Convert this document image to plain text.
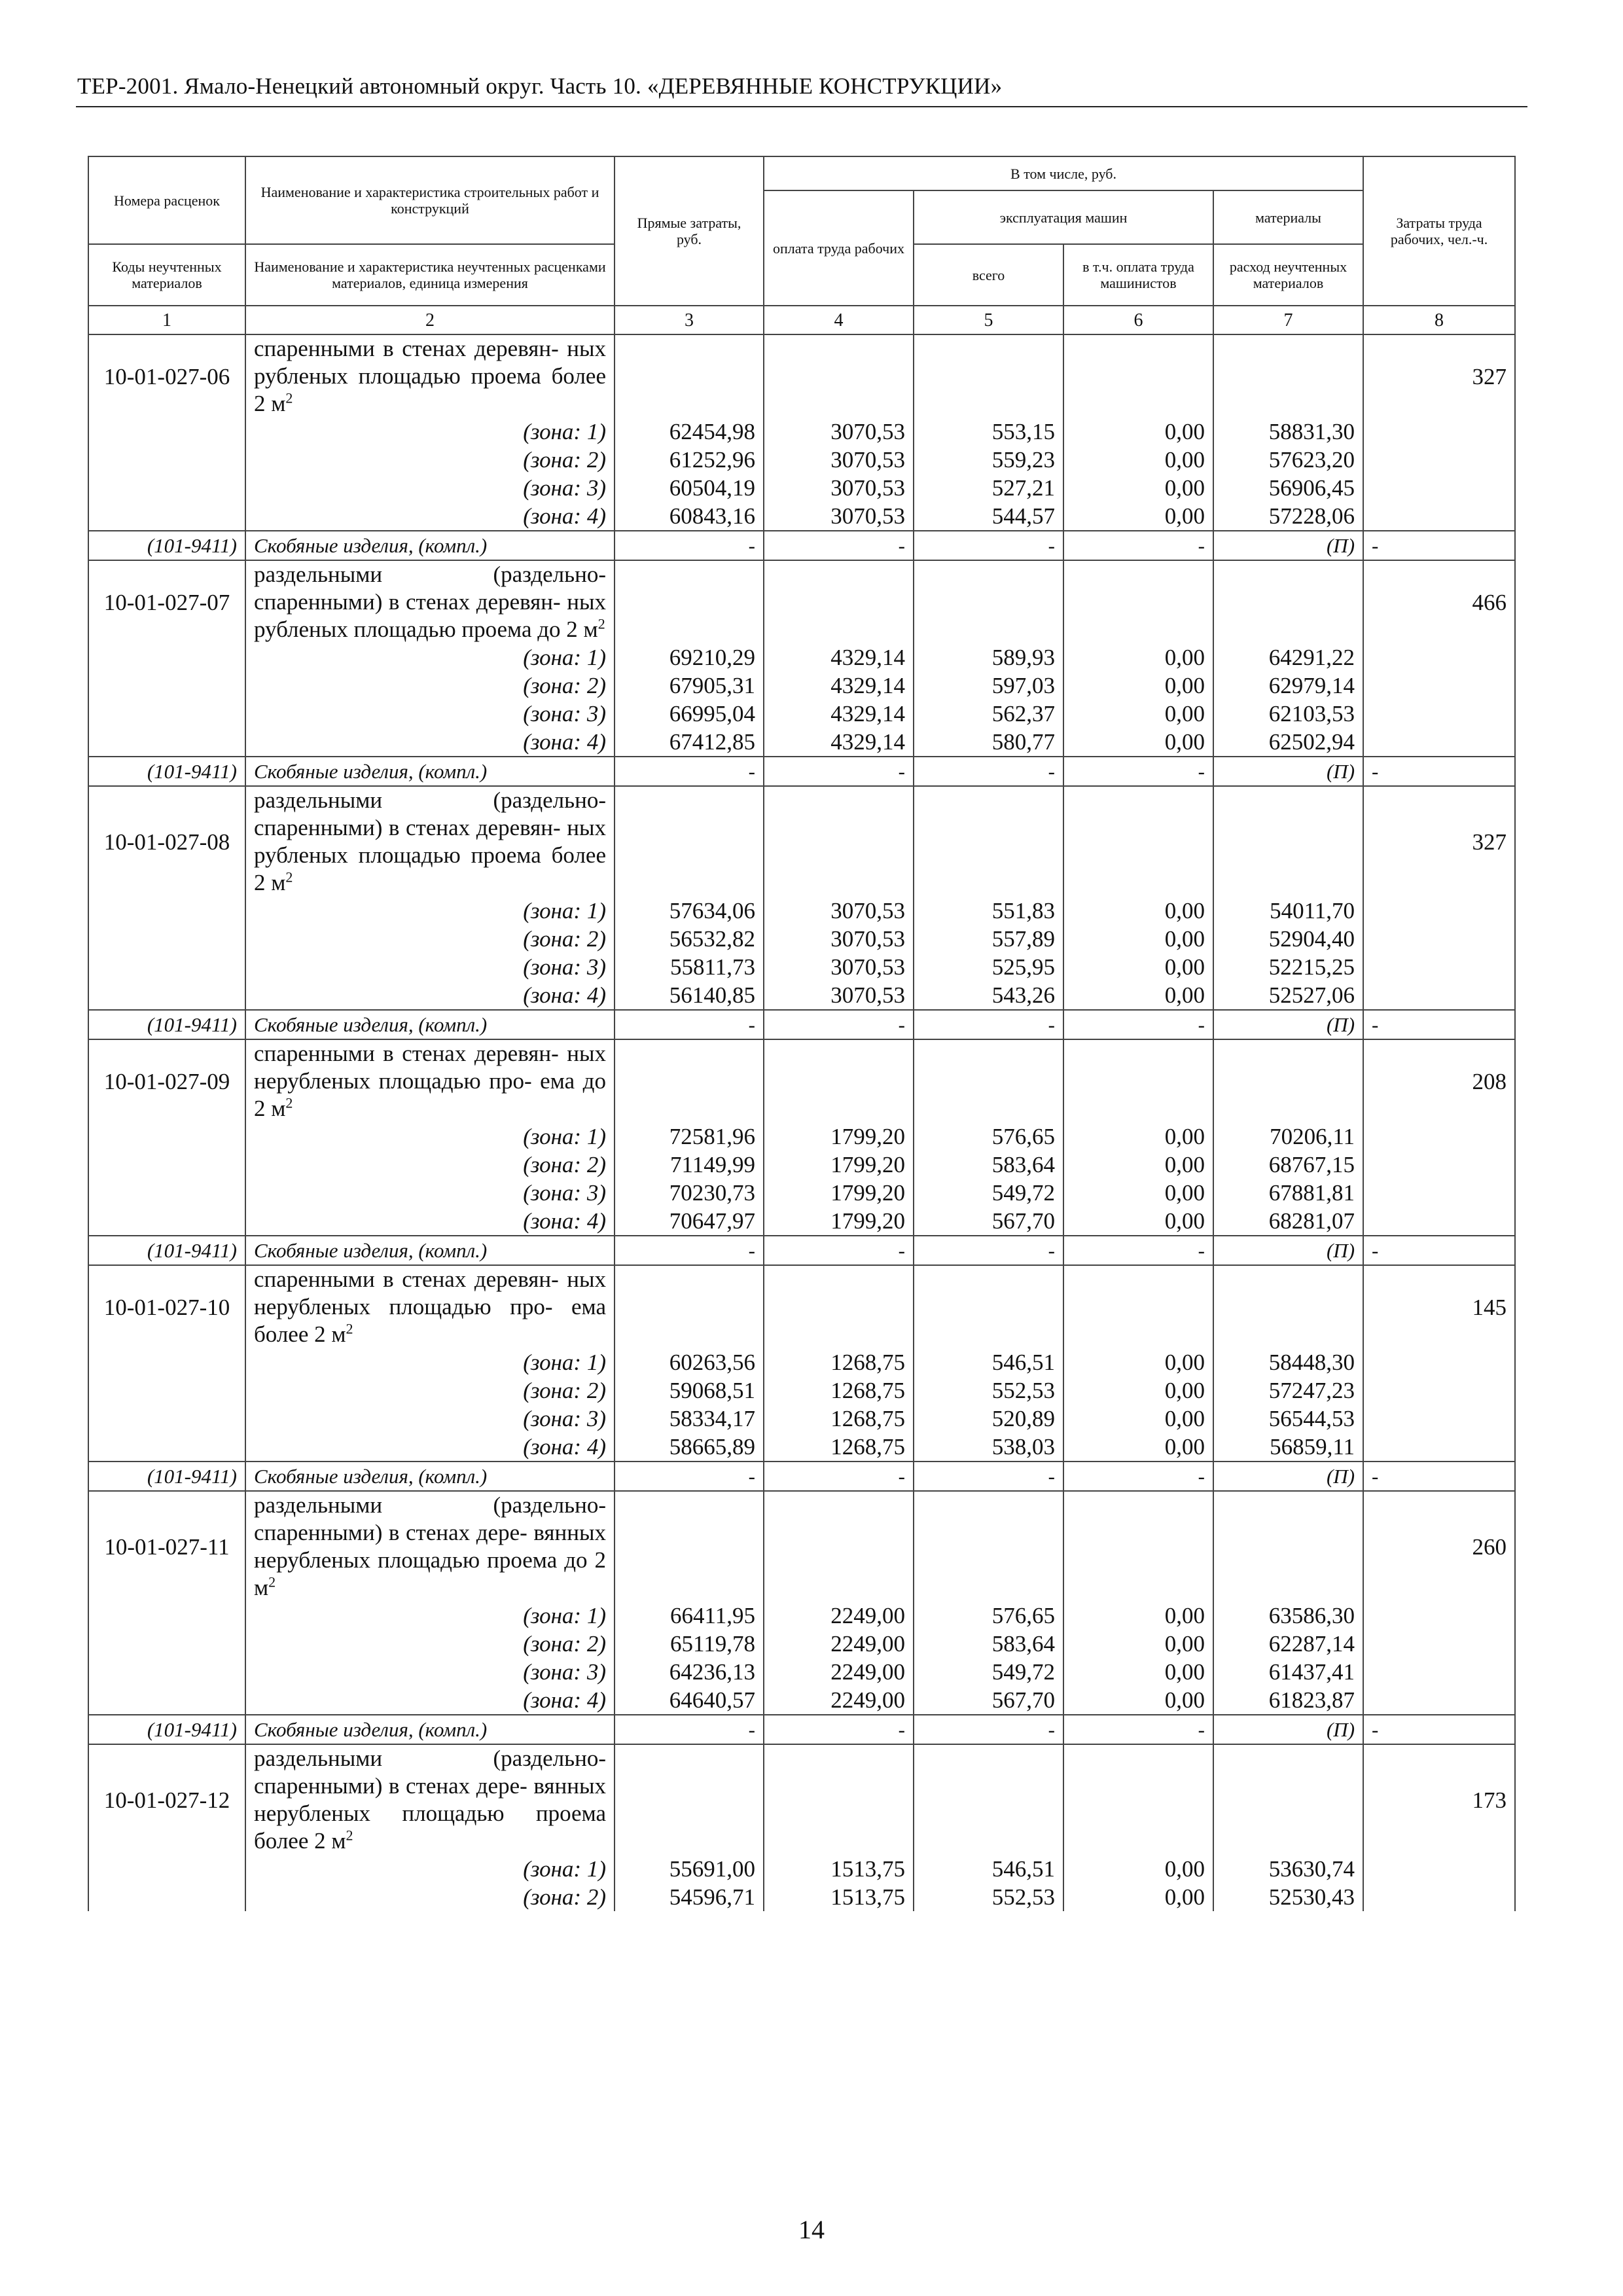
ТЕР-2001. Ямало-Ненецкий автономный округ. Часть 10. «ДЕРЕВЯННЫЕ КОНСТРУКЦИИ»
Номера расценок	Наименование и характеристика строительных работ и конструкций	Прямые затраты, руб.	В том числе, руб.				Затраты труда рабочих, чел.-ч.
			оплата труда рабочих	эксплуатация машин		материалы	
Коды неучтенных материалов	Наименование и характеристика неучтенных расценками материалов, единица измерения			всего	в т.ч. оплата труда машинистов	расход неучтенных материалов	
1	2	3	4	5	6	7	8
10-01-027-06	спаренными в стенах деревян- ных рубленых площадью проема более 2 $м^2$						327
	(зона: 1)	62454,98	3070,53	553,15	0,00	58831,30	
	(зона: 2)	61252,96	3070,53	559,23	0,00	57623,20	
	(зона: 3)	60504,19	3070,53	527,21	0,00	56906,45	
	(зона: 4)	60843,16	3070,53	544,57	0,00	57228,06	
(101-9411)	Скобяные изделия, (компл.)	-	-	-	-	(П)	-
10-01-027-07	раздельными (раздельно- спаренными) в стенах деревян- ных рубленых площадью проема до 2 $м^2$						466
	(зона: 1)	69210,29	4329,14	589,93	0,00	64291,22	
	(зона: 2)	67905,31	4329,14	597,03	0,00	62979,14	
	(зона: 3)	66995,04	4329,14	562,37	0,00	62103,53	
	(зона: 4)	67412,85	4329,14	580,77	0,00	62502,94	
(101-9411)	Скобяные изделия, (компл.)	-	-	-	-	(П)	-
10-01-027-08	раздельными (раздельно- спаренными) в стенах деревян- ных рубленых площадью проема более 2 $м^2$						327
	(зона: 1)	57634,06	3070,53	551,83	0,00	54011,70	
	(зона: 2)	56532,82	3070,53	557,89	0,00	52904,40	
	(зона: 3)	55811,73	3070,53	525,95	0,00	52215,25	
	(зона: 4)	56140,85	3070,53	543,26	0,00	52527,06	
(101-9411)	Скобяные изделия, (компл.)	-	-	-	-	(П)	-
10-01-027-09	спаренными в стенах деревян- ных нерубленых площадью про- ема до 2 $м^2$						208
	(зона: 1)	72581,96	1799,20	576,65	0,00	70206,11	
	(зона: 2)	71149,99	1799,20	583,64	0,00	68767,15	
	(зона: 3)	70230,73	1799,20	549,72	0,00	67881,81	
	(зона: 4)	70647,97	1799,20	567,70	0,00	68281,07	
(101-9411)	Скобяные изделия, (компл.)	-	-	-	-	(П)	-
10-01-027-10	спаренными в стенах деревян- ных нерубленых площадью про- ема более 2 $м^2$						145
	(зона: 1)	60263,56	1268,75	546,51	0,00	58448,30	
	(зона: 2)	59068,51	1268,75	552,53	0,00	57247,23	
	(зона: 3)	58334,17	1268,75	520,89	0,00	56544,53	
	(зона: 4)	58665,89	1268,75	538,03	0,00	56859,11	
(101-9411)	Скобяные изделия, (компл.)	-	-	-	-	(П)	-
10-01-027-11	раздельными (раздельно- спаренными) в стенах дере- вянных нерубленых площадью проема до 2 $м^2$						260
	(зона: 1)	66411,95	2249,00	576,65	0,00	63586,30	
	(зона: 2)	65119,78	2249,00	583,64	0,00	62287,14	
	(зона: 3)	64236,13	2249,00	549,72	0,00	61437,41	
	(зона: 4)	64640,57	2249,00	567,70	0,00	61823,87	
(101-9411)	Скобяные изделия, (компл.)	-	-	-	-	(П)	-
10-01-027-12	раздельными (раздельно- спаренными) в стенах дере- вянных нерубленых площадью проема более 2 $м^2$						173
	(зона: 1)	55691,00	1513,75	546,51	0,00	53630,74	
	(зона: 2)	54596,71	1513,75	552,53	0,00	52530,43	
14
